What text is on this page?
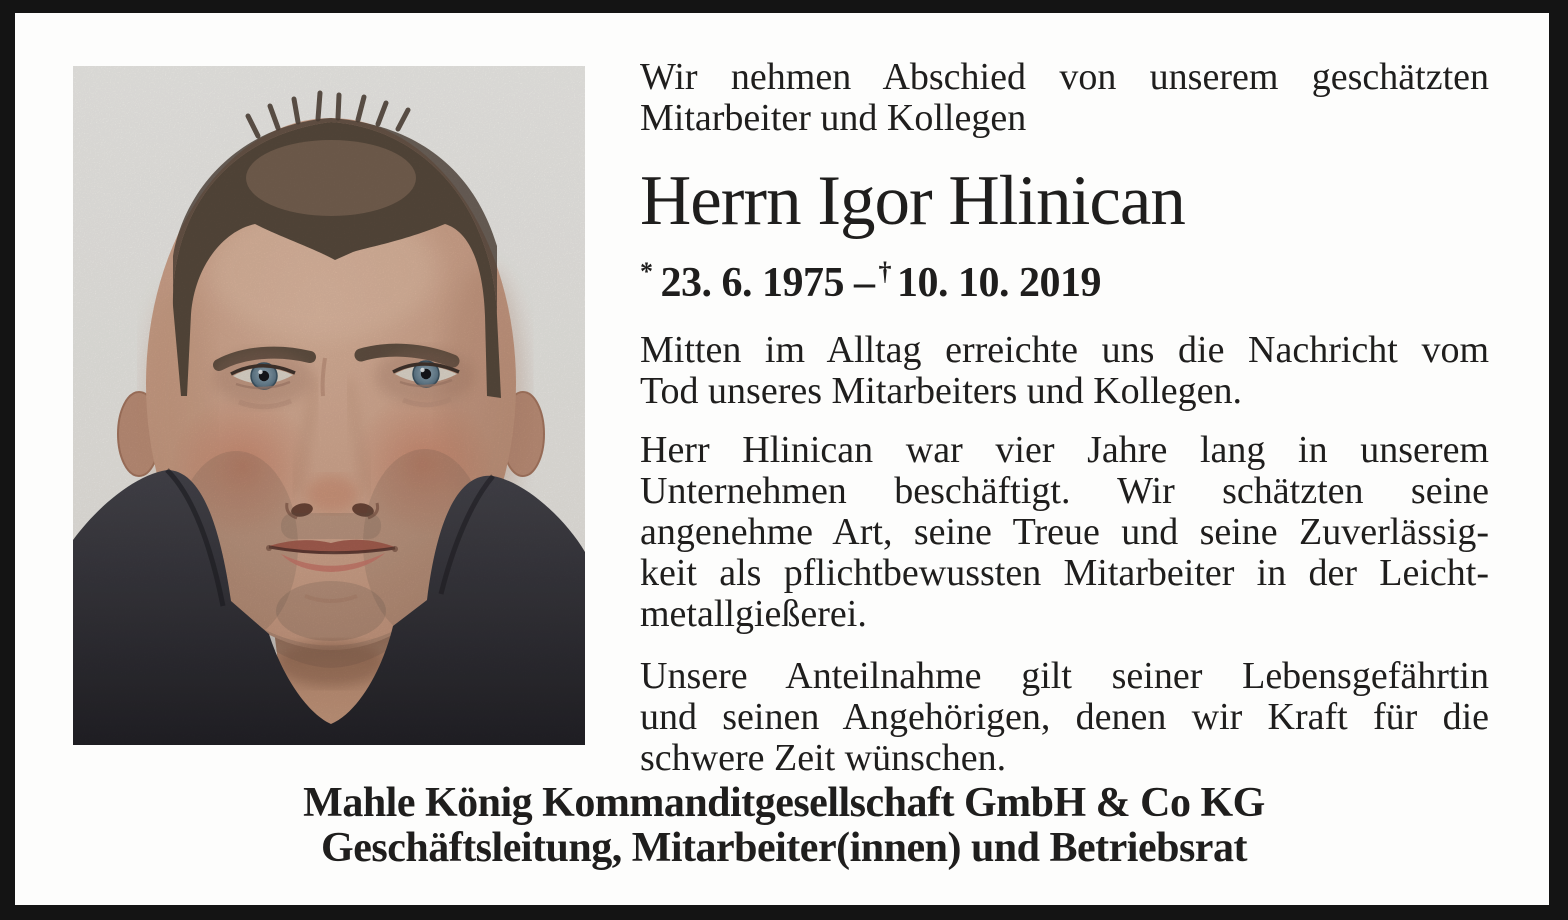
Wir nehmen Abschied von unserem geschätzten
Mitarbeiter und Kollegen
Herrn Igor Hlinican
* 23. 6. 1975 – † 10. 10. 2019
Mitten im Alltag erreichte uns die Nachricht vom
Tod unseres Mitarbeiters und Kollegen.
Herr Hlinican war vier Jahre lang in unserem
Unternehmen beschäftigt. Wir schätzten seine
angenehme Art, seine Treue und seine Zuverlässig-
keit als pflichtbewussten Mitarbeiter in der Leicht-
metallgießerei.
Unsere Anteilnahme gilt seiner Lebensgefährtin
und seinen Angehörigen, denen wir Kraft für die
schwere Zeit wünschen.
Mahle König Kommanditgesellschaft GmbH & Co KG
Geschäftsleitung, Mitarbeiter(innen) und Betriebsrat
